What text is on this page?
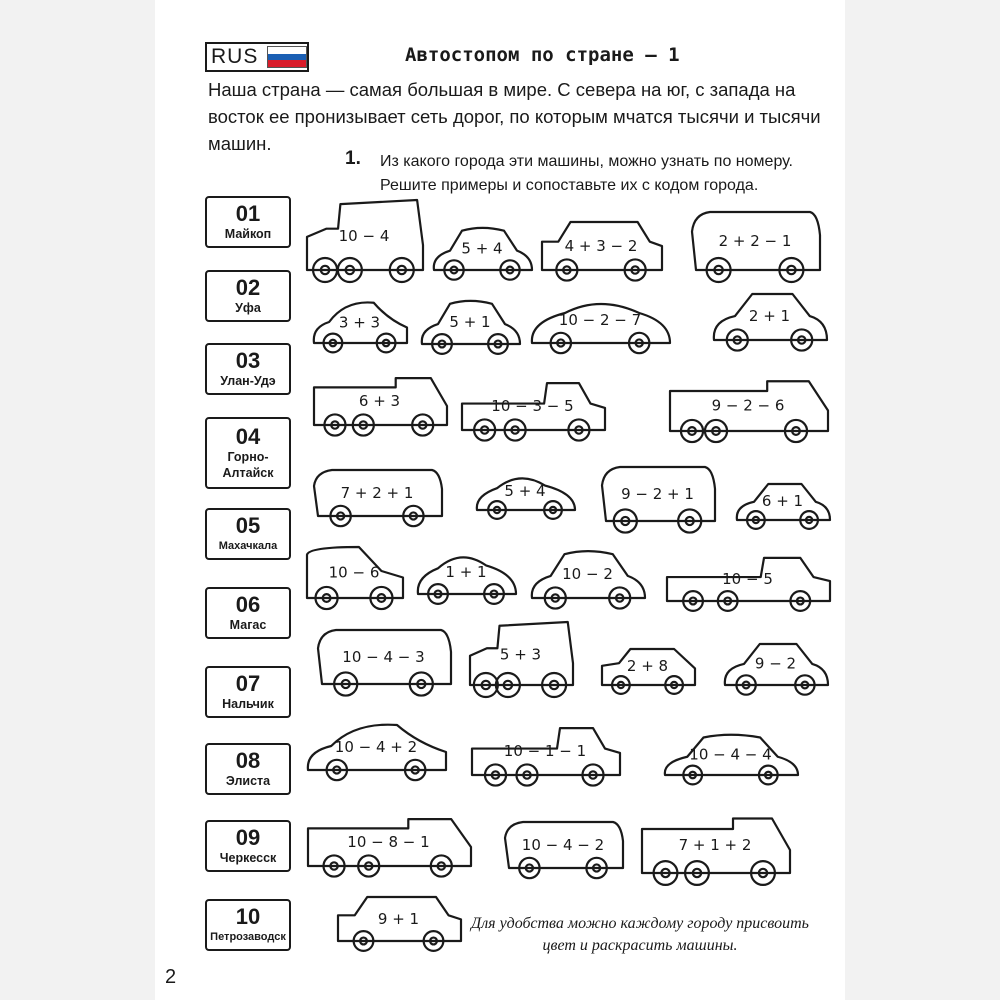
RUS	Автостопом по стране — 1
Наша страна — самая большая в мире. С севера на юг, с запада на восток ее пронизывает сеть дорог, по которым мчатся тысячи и тысячи машин.
1. Из какого города эти машины, можно узнать по номеру. Решите примеры и сопоставьте их с кодом города.
01
Майкоп
02
Уфа
03
Улан-Удэ
04
Горно-Алтайск
05
Махачкала
06
Магас
07
Нальчик
08
Элиста
09
Черкесск
10
Петрозаводск
10 − 4
5 + 4	4 + 3 − 2	2 + 2 − 1
3 + 3	5 + 1	10 − 2 − 7	2 + 1
6 + 3	10 − 3 − 5	9 − 2 − 6
7 + 2 + 1	5 + 4	9 − 2 + 1	6 + 1
10 − 6	1 + 1	10 − 2	10 − 5
10 − 4 − 3	5 + 3
2 + 8	9 − 2
10 − 4 + 2	10 − 1 − 1	10 − 4 − 4
10 − 8 − 1	10 − 4 − 2	7 + 1 + 2
9 + 1	Для удобства можно каждому городу присвоить цвет и раскрасить машины.
2
